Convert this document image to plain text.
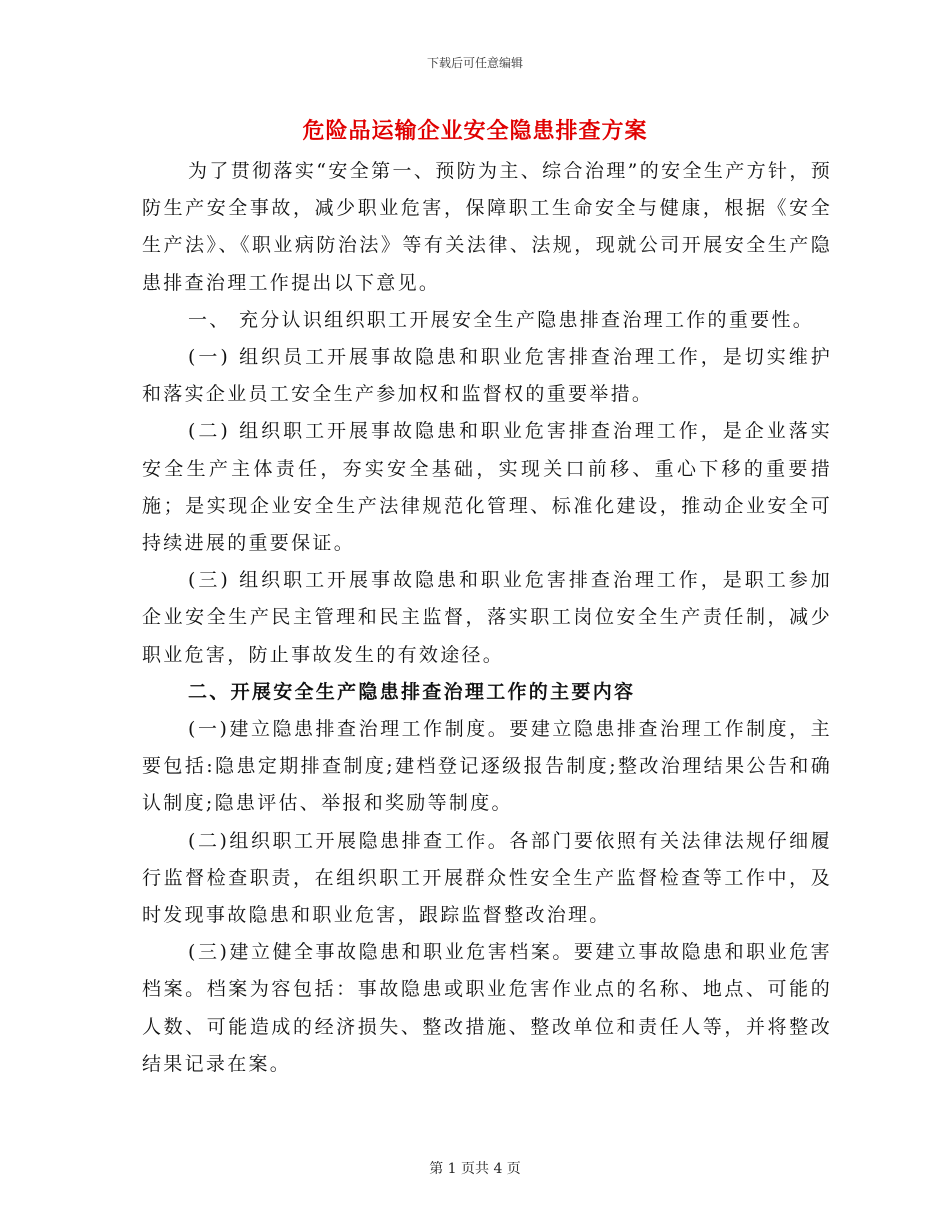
下载后可任意编辑
危险品运输企业安全隐患排查方案

为了贯彻落实“安全第一、预防为主、综合治理”的安全生产方针，预防生产安全事故，减少职业危害，保障职工生命安全与健康，根据《安全生产法》、《职业病防治法》等有关法律、法规，现就公司开展安全生产隐患排查治理工作提出以下意见。

一、 充分认识组织职工开展安全生产隐患排查治理工作的重要性。

(一) 组织员工开展事故隐患和职业危害排查治理工作，是切实维护和落实企业员工安全生产参加权和监督权的重要举措。

(二) 组织职工开展事故隐患和职业危害排查治理工作，是企业落实安全生产主体责任，夯实安全基础，实现关口前移、重心下移的重要措施；是实现企业安全生产法律规范化管理、标准化建设，推动企业安全可持续进展的重要保证。

(三) 组织职工开展事故隐患和职业危害排查治理工作，是职工参加企业安全生产民主管理和民主监督，落实职工岗位安全生产责任制，减少职业危害，防止事故发生的有效途径。

二、开展安全生产隐患排查治理工作的主要内容

(一)建立隐患排查治理工作制度。要建立隐患排查治理工作制度，主要包括:隐患定期排查制度;建档登记逐级报告制度;整改治理结果公告和确认制度;隐患评估、举报和奖励等制度。

(二)组织职工开展隐患排查工作。各部门要依照有关法律法规仔细履行监督检查职责，在组织职工开展群众性安全生产监督检查等工作中，及时发现事故隐患和职业危害，跟踪监督整改治理。

(三)建立健全事故隐患和职业危害档案。要建立事故隐患和职业危害档案。档案为容包括：事故隐患或职业危害作业点的名称、地点、可能的人数、可能造成的经济损失、整改措施、整改单位和责任人等，并将整改结果记录在案。

第 1 页共 4 页
